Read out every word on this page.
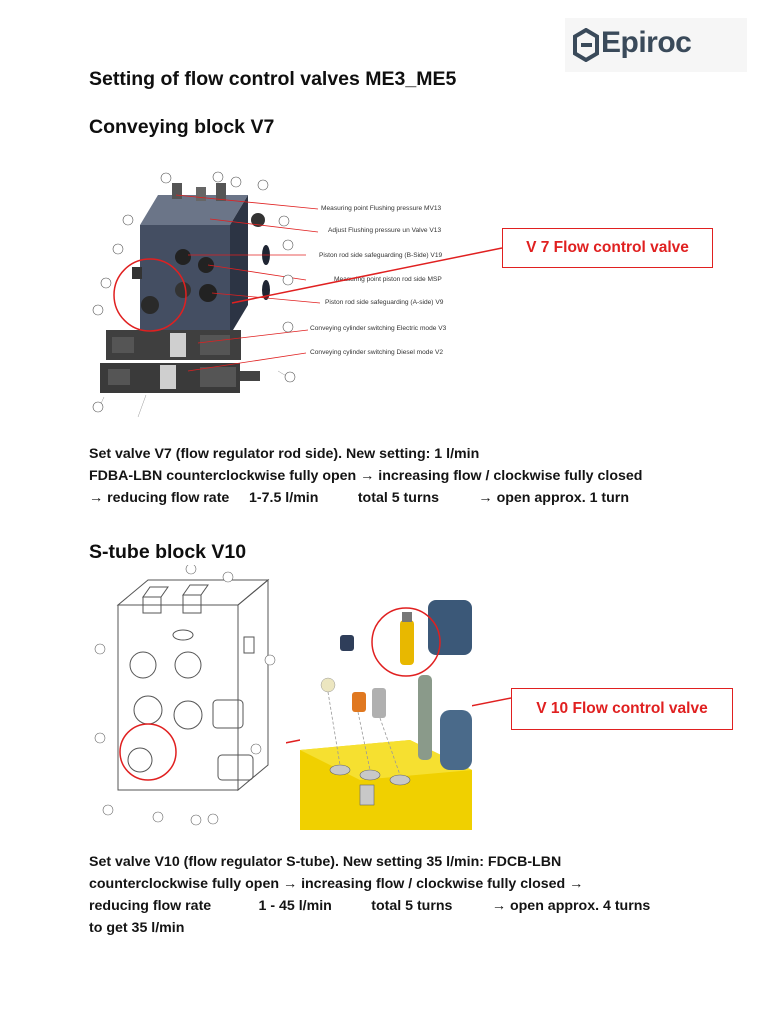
Epiroc
Setting of flow control valves ME3_ME5
Conveying block V7
Measuring point Flushing pressure MV13
Adjust Flushing pressure un Valve V13
Piston rod side safeguarding (B-Side) V19
Measuring point piston rod side MSP
Piston rod side safeguarding (A-side) V9
Conveying cylinder switching Electric mode V3
Conveying cylinder switching Diesel mode V2
V 7 Flow control valve
Set valve V7 (flow regulator rod side). New setting: 1 l/min
FDBA-LBN counterclockwise fully open → increasing flow / clockwise fully closed
→ reducing flow rate     1-7.5 l/min          total 5 turns          → open approx. 1 turn
S-tube block V10
V 10 Flow control valve
Set valve V10 (flow regulator S-tube). New setting 35 l/min: FDCB-LBN
counterclockwise fully open → increasing flow / clockwise fully closed →
reducing flow rate            1 - 45 l/min          total 5 turns          → open approx. 4 turns
to get 35 l/min
